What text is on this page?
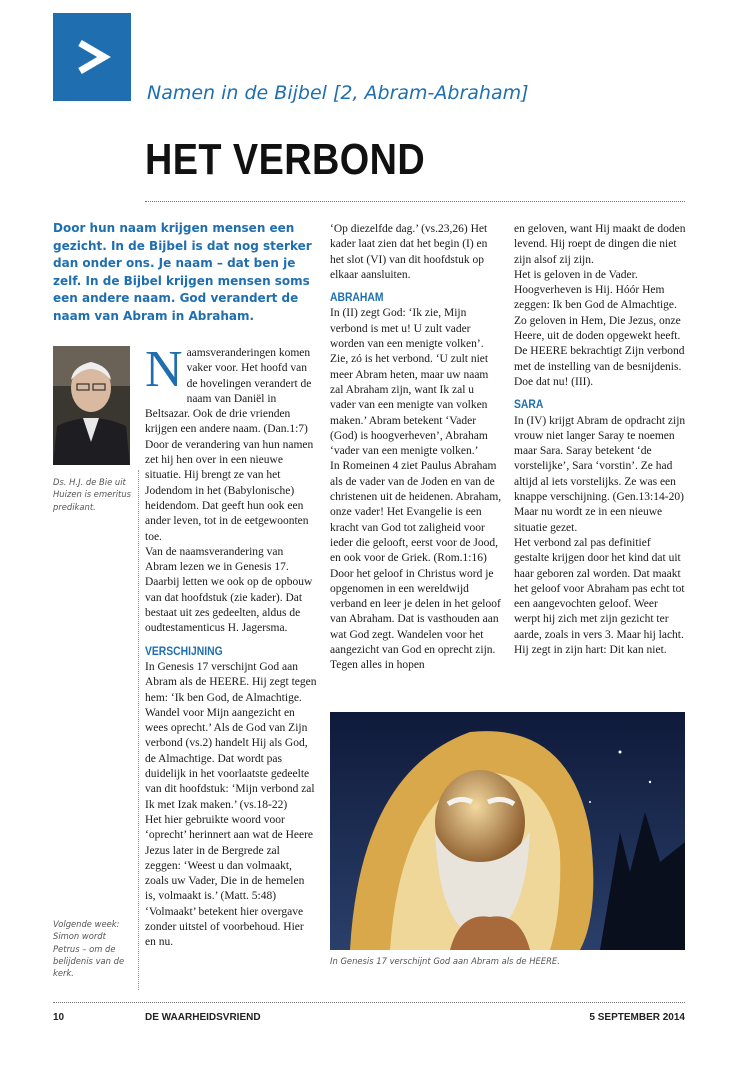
Namen in de Bijbel [2, Abram-Abraham]
HET VERBOND
Door hun naam krijgen mensen een gezicht. In de Bijbel is dat nog sterker dan onder ons. Je naam – dat ben je zelf. In de Bijbel krijgen mensen soms een andere naam. God verandert de naam van Abram in Abraham.
Ds. H.J. de Bie uit Huizen is emeritus predikant.
Volgende week: Simon wordt Petrus – om de belijdenis van de kerk.

Naamsveranderingen komen vaker voor. Het hoofd van de hovelingen verandert de naam van Daniël in Beltsazar. Ook de drie vrienden krijgen een andere naam. (Dan.1:7) Door de verandering van hun namen zet hij hen over in een nieuwe situatie. Hij brengt ze van het Jodendom in het (Babylonische) heidendom. Dat geeft hun ook een ander leven, tot in de eetgewoonten toe.

Van de naamsverandering van Abram lezen we in Genesis 17. Daarbij letten we ook op de opbouw van dat hoofdstuk (zie kader). Dat bestaat uit zes gedeelten, aldus de oudtestamenticus H. Jagersma.

VERSCHIJNING

In Genesis 17 verschijnt God aan Abram als de HEERE. Hij zegt tegen hem: ‘Ik ben God, de Almachtige. Wandel voor Mijn aangezicht en wees oprecht.’ Als de God van Zijn verbond (vs.2) handelt Hij als God, de Almachtige. Dat wordt pas duidelijk in het voorlaatste gedeelte van dit hoofdstuk: ‘Mijn verbond zal Ik met Izak maken.’ (vs.18-22)

Het hier gebruikte woord voor ‘oprecht’ herinnert aan wat de Heere Jezus later in de Bergrede zal zeggen: ‘Weest u dan volmaakt, zoals uw Vader, Die in de hemelen is, volmaakt is.’ (Matt. 5:48) ‘Volmaakt’ betekent hier overgave zonder uitstel of voorbehoud. Hier en nu.

‘Op diezelfde dag.’ (vs.23,26) Het kader laat zien dat het begin (I) en het slot (VI) van dit hoofdstuk op elkaar aansluiten.

ABRAHAM

In (II) zegt God: ‘Ik zie, Mijn verbond is met u! U zult vader worden van een menigte volken’. Zie, zó is het verbond. ‘U zult niet meer Abram heten, maar uw naam zal Abraham zijn, want Ik zal u vader van een menigte van volken maken.’ Abram betekent ‘Vader (God) is hoogverheven’, Abraham ‘vader van een menigte volken.’

In Romeinen 4 ziet Paulus Abraham als de vader van de Joden en van de christenen uit de heidenen. Abraham, onze vader! Het Evangelie is een kracht van God tot zaligheid voor ieder die gelooft, eerst voor de Jood, en ook voor de Griek. (Rom.1:16)

Door het geloof in Christus word je opgenomen in een wereldwijd verband en leer je delen in het geloof van Abraham. Dat is vasthouden aan wat God zegt. Wandelen voor het aangezicht van God en oprecht zijn. Tegen alles in hopen

en geloven, want Hij maakt de doden levend. Hij roept de dingen die niet zijn alsof zij zijn.

Het is geloven in de Vader. Hoogverheven is Hij. Hóór Hem zeggen: Ik ben God de Almachtige. Zo geloven in Hem, Die Jezus, onze Heere, uit de doden opgewekt heeft.

De HEERE bekrachtigt Zijn verbond met de instelling van de besnijdenis. Doe dat nu! (III).

SARA

In (IV) krijgt Abram de opdracht zijn vrouw niet langer Saray te noemen maar Sara. Saray betekent ‘de vorstelijke’, Sara ‘vorstin’. Ze had altijd al iets vorstelijks. Ze was een knappe verschijning. (Gen.13:14-20) Maar nu wordt ze in een nieuwe situatie gezet.

Het verbond zal pas definitief gestalte krijgen door het kind dat uit haar geboren zal worden. Dat maakt het geloof voor Abraham pas echt tot een aangevochten geloof. Weer werpt hij zich met zijn gezicht ter aarde, zoals in vers 3. Maar hij lacht. Hij zegt in zijn hart: Dit kan niet.

In Genesis 17 verschijnt God aan Abram als de HEERE.
10	DE WAARHEIDSVRIEND	5 SEPTEMBER 2014
